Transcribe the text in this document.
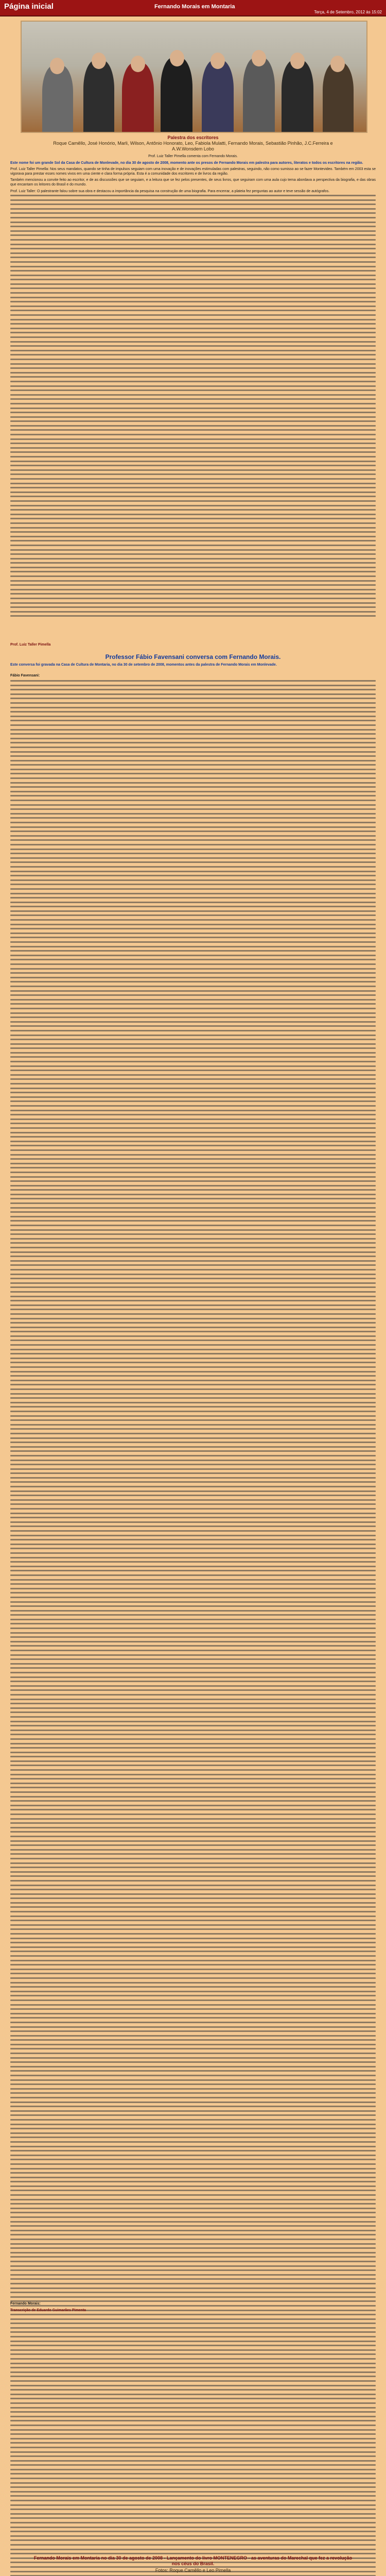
Página inicial	Fernando Morais em Montaria
Terça, 4 de Setembro, 2012 às 15:02
Palestra dos escritores
Roque Camêllo, José Honório, Marli, Wilson, Antônio Honorato, Leo, Fabiola Mulatti, Fernando Morais, Sebastião Pinhão, J.C.Ferreira e A.W.Wonsdem Lobo

Prof. Luiz Taller Pimella comenta com Fernando Morais.

Este nome foi um grande Sol da Casa de Cultura de Monlevade, no dia 30 de agosto de 2008, momento ante os presos de Fernando Morais em palestra para autores, literatos e todos os escritores na região.

Prof. Luiz Taller Pimella: Nos seus mandatos, quando se tinha de impulsos seguiam com uma inovação e de inovações estimuladas com palestras, seguindo, não como sumisso ao se fazer Montevideo. Também em 2003 esta se vigorava para prestar esses nomes vivos em uma ciente e clara forma própria. Esta é a comunidade dos escritores e de livros da região.

Também mencionou a convite feito ao escritor, e de as discussões que se seguiam, e a leitura que se fez pelos presentes, de seus livros, que seguiram com uma aula cujo tema abordava a perspectiva da biografia, e das obras que encantam os leitores do Brasil e do mundo.

Prof. Luiz Taller: O palestrante falou sobre sua obra e destacou a importância da pesquisa na construção de uma biografia. Para encerrar, a plateia fez perguntas ao autor e teve sessão de autógrafos.

Prof. Luiz Taller Pimella

Professor Fábio Favensani conversa com Fernando Morais.
Este conversa foi gravada na Casa de Cultura de Montaria, no dia 30 de setembro de 2008, momentos antes da palestra de Fernando Morais em Monlevade.

Fábio Favensani:

Fernando Morais:

Transcrição de Eduardo Guimarães Pimenta

Fernando Morais em Montaria no dia 30 de agosto de 2008 - Lançamento do livro MONTENEGRO - as aventuras do Marechal que fez a revolução nos céus do Brasil.
Fotos: Roque Camêllo e Leo Pimella
